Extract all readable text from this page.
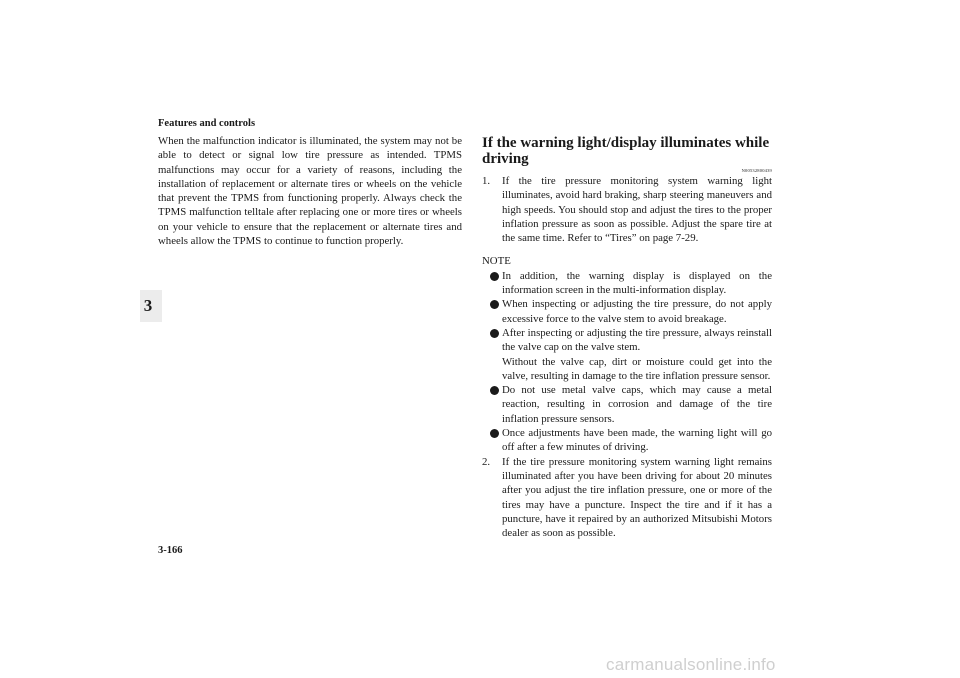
Features and controls
3
When the malfunction indicator is illuminated, the system may not be able to detect or signal low tire pressure as intended. TPMS malfunctions may occur for a variety of reasons, including the installation of replacement or alternate tires or wheels on the vehicle that prevent the TPMS from functioning properly. Always check the TPMS malfunction telltale after replacing one or more tires or wheels on your vehicle to ensure that the replacement or alternate tires and wheels allow the TPMS to continue to function properly.
If the warning light/display illuminates while driving
N00532800439

1. If the tire pressure monitoring system warning light illuminates, avoid hard braking, sharp steering maneuvers and high speeds. You should stop and adjust the tires to the proper inflation pressure as soon as possible. Adjust the spare tire at the same time. Refer to “Tires” on page 7-29.

NOTE
In addition, the warning display is displayed on the information screen in the multi-information display.
When inspecting or adjusting the tire pressure, do not apply excessive force to the valve stem to avoid breakage.
After inspecting or adjusting the tire pressure, always reinstall the valve cap on the valve stem.
Without the valve cap, dirt or moisture could get into the valve, resulting in damage to the tire inflation pressure sensor.
Do not use metal valve caps, which may cause a metal reaction, resulting in corrosion and damage of the tire inflation pressure sensors.
Once adjustments have been made, the warning light will go off after a few minutes of driving.

2. If the tire pressure monitoring system warning light remains illuminated after you have been driving for about 20 minutes after you adjust the tire inflation pressure, one or more of the tires may have a puncture. Inspect the tire and if it has a puncture, have it repaired by an authorized Mitsubishi Motors dealer as soon as possible.

3-166
carmanualsonline.info
